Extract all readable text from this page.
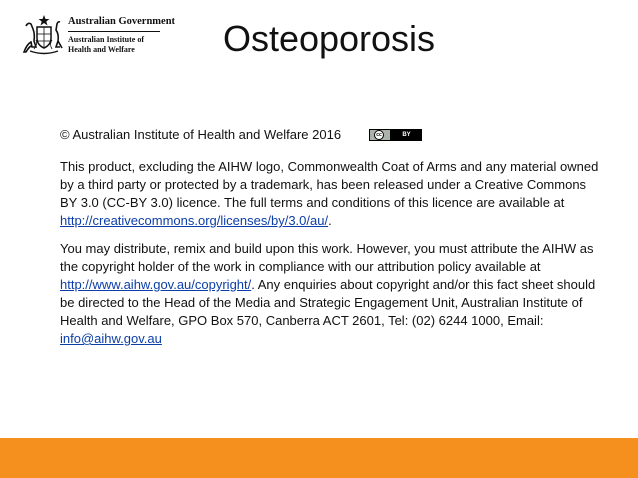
Australian Government
Australian Institute of
Health and Welfare	Osteoporosis
© Australian Institute of Health and Welfare 2016	cc	BY

This product, excluding the AIHW logo, Commonwealth Coat of Arms and any material owned by a third party or protected by a trademark, has been released under a Creative Commons BY 3.0 (CC-BY 3.0) licence. The full terms and conditions of this licence are available at http://creativecommons.org/licenses/by/3.0/au/.

You may distribute, remix and build upon this work. However, you must attribute the AIHW as the copyright holder of the work in compliance with our attribution policy available at http://www.aihw.gov.au/copyright/. Any enquiries about copyright and/or this fact sheet should be directed to the Head of the Media and Strategic Engagement Unit, Australian Institute of Health and Welfare, GPO Box 570, Canberra ACT 2601, Tel: (02) 6244 1000, Email: info@aihw.gov.au
